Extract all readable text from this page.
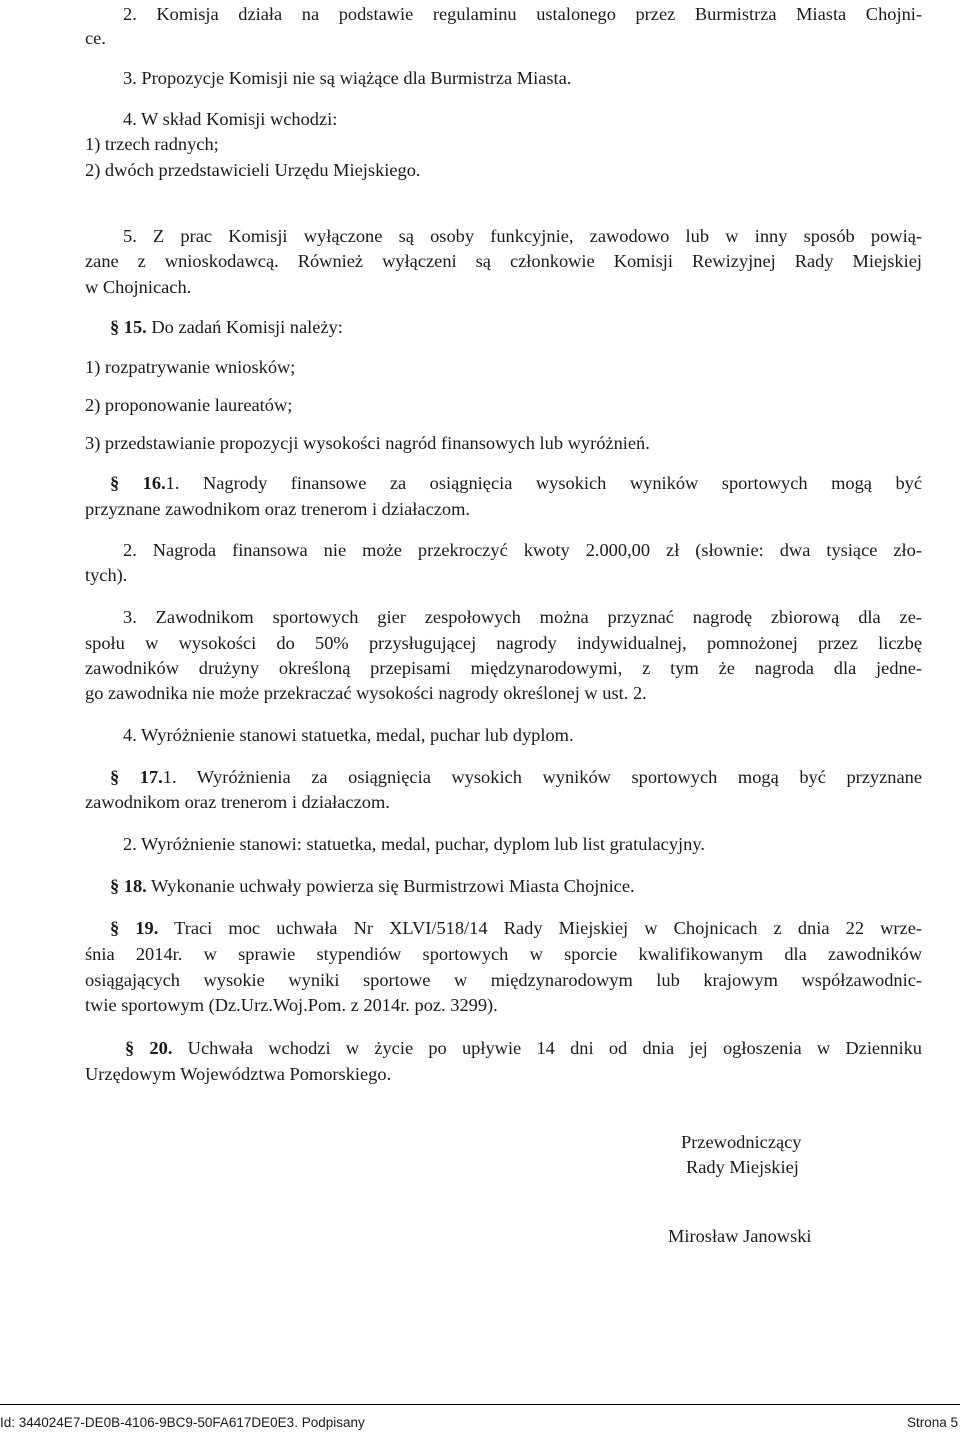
2. Komisja działa na podstawie regulaminu ustalonego przez Burmistrza Miasta Chojni-
ce.
3. Propozycje Komisji nie są wiążące dla Burmistrza Miasta.
4. W skład Komisji wchodzi:
1) trzech radnych;
2) dwóch przedstawicieli Urzędu Miejskiego.
5. Z prac Komisji wyłączone są osoby funkcyjnie, zawodowo lub w inny sposób powią-
zane z wnioskodawcą. Również wyłączeni są członkowie Komisji Rewizyjnej Rady Miejskiej
w Chojnicach.
§ 15. Do zadań Komisji należy:
1) rozpatrywanie wniosków;
2) proponowanie laureatów;
3) przedstawianie propozycji wysokości nagród finansowych lub wyróżnień.
§ 16.1. Nagrody finansowe za osiągnięcia wysokich wyników sportowych mogą być
przyznane zawodnikom oraz trenerom i działaczom.
2. Nagroda finansowa nie może przekroczyć kwoty 2.000,00 zł (słownie: dwa tysiące zło-
tych).
3. Zawodnikom sportowych gier zespołowych można przyznać nagrodę zbiorową dla ze-
społu w wysokości do 50% przysługującej nagrody indywidualnej, pomnożonej przez liczbę
zawodników drużyny określoną przepisami międzynarodowymi, z tym że nagroda dla jedne-
go zawodnika nie może przekraczać wysokości nagrody określonej w ust. 2.
4. Wyróżnienie stanowi statuetka, medal, puchar lub dyplom.
§ 17.1. Wyróżnienia za osiągnięcia wysokich wyników sportowych mogą być przyznane
zawodnikom oraz trenerom i działaczom.
2. Wyróżnienie stanowi: statuetka, medal, puchar, dyplom lub list gratulacyjny.
§ 18. Wykonanie uchwały powierza się Burmistrzowi Miasta Chojnice.
§ 19. Traci moc uchwała Nr XLVI/518/14 Rady Miejskiej w Chojnicach z dnia 22 wrze-
śnia 2014r. w sprawie stypendiów sportowych w sporcie kwalifikowanym dla zawodników
osiągających wysokie wyniki sportowe w międzynarodowym lub krajowym współzawodnic-
twie sportowym (Dz.Urz.Woj.Pom. z 2014r. poz. 3299).
§ 20. Uchwała wchodzi w życie po upływie 14 dni od dnia jej ogłoszenia w Dzienniku
Urzędowym Województwa Pomorskiego.
Przewodniczący
Rady Miejskiej
Mirosław Janowski
Id: 344024E7-DE0B-4106-9BC9-50FA617DE0E3. Podpisany	Strona 5
